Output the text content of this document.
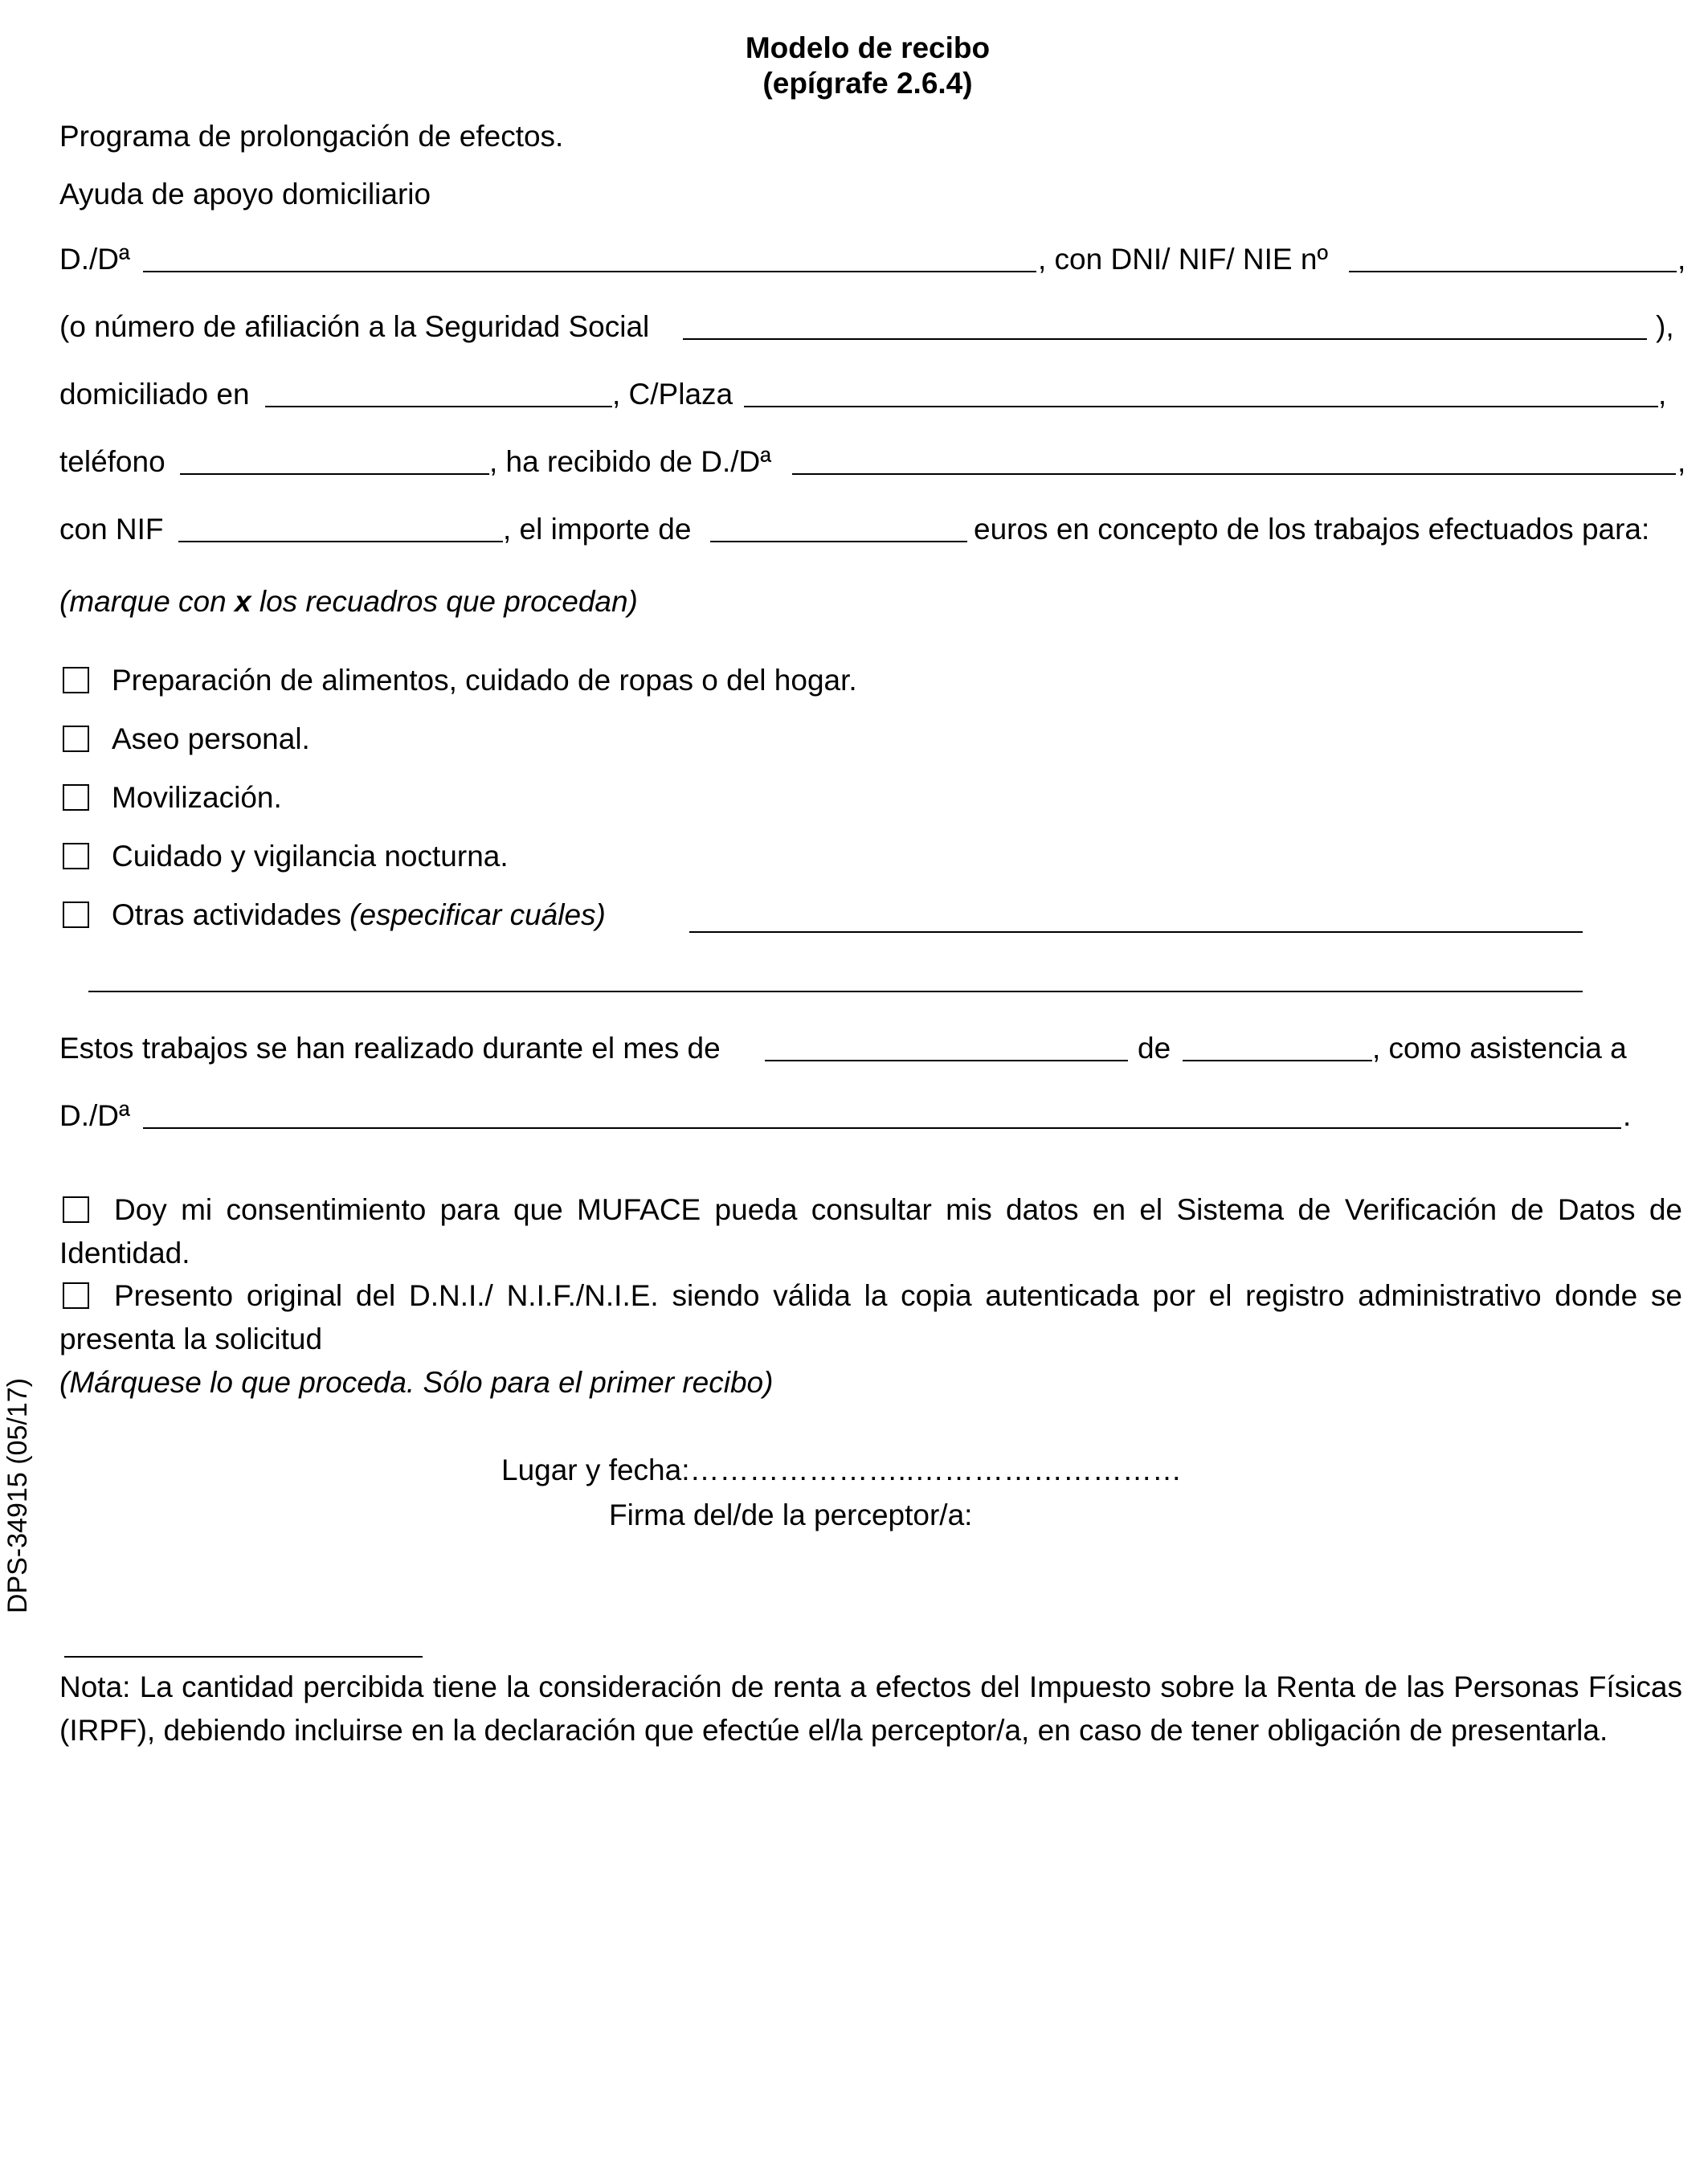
Modelo de recibo
(epígrafe 2.6.4)
Programa de prolongación de efectos.
Ayuda de apoyo domiciliario
D./Dª	, con DNI/ NIF/ NIE nº	,
(o número de afiliación a la Seguridad Social	),
domiciliado en	, C/Plaza	,
teléfono	, ha recibido de D./Dª	,
con NIF	, el importe de	euros en concepto de los trabajos efectuados para:
(marque con x los recuadros que procedan)
Preparación de alimentos, cuidado de ropas o del hogar.
Aseo personal.
Movilización.
Cuidado y vigilancia nocturna.
Otras actividades (especificar cuáles)
Estos trabajos se han realizado durante el mes de	de	, como asistencia a
D./Dª	.
Doy mi consentimiento para que MUFACE pueda consultar mis datos en el Sistema de Verificación de Datos de Identidad.
Presento original del D.N.I./ N.I.F./N.I.E. siendo válida la copia autenticada por el registro administrativo donde se presenta la solicitud
(Márquese lo que proceda. Sólo para el primer recibo)
Lugar y fecha:…………………..………………………
Firma del/de la perceptor/a:
Nota: La cantidad percibida tiene la consideración de renta a efectos del Impuesto sobre la Renta de las Personas Físicas (IRPF), debiendo incluirse en la declaración que efectúe el/la perceptor/a, en caso de tener obligación de presentarla.
DPS-34915 (05/17)
